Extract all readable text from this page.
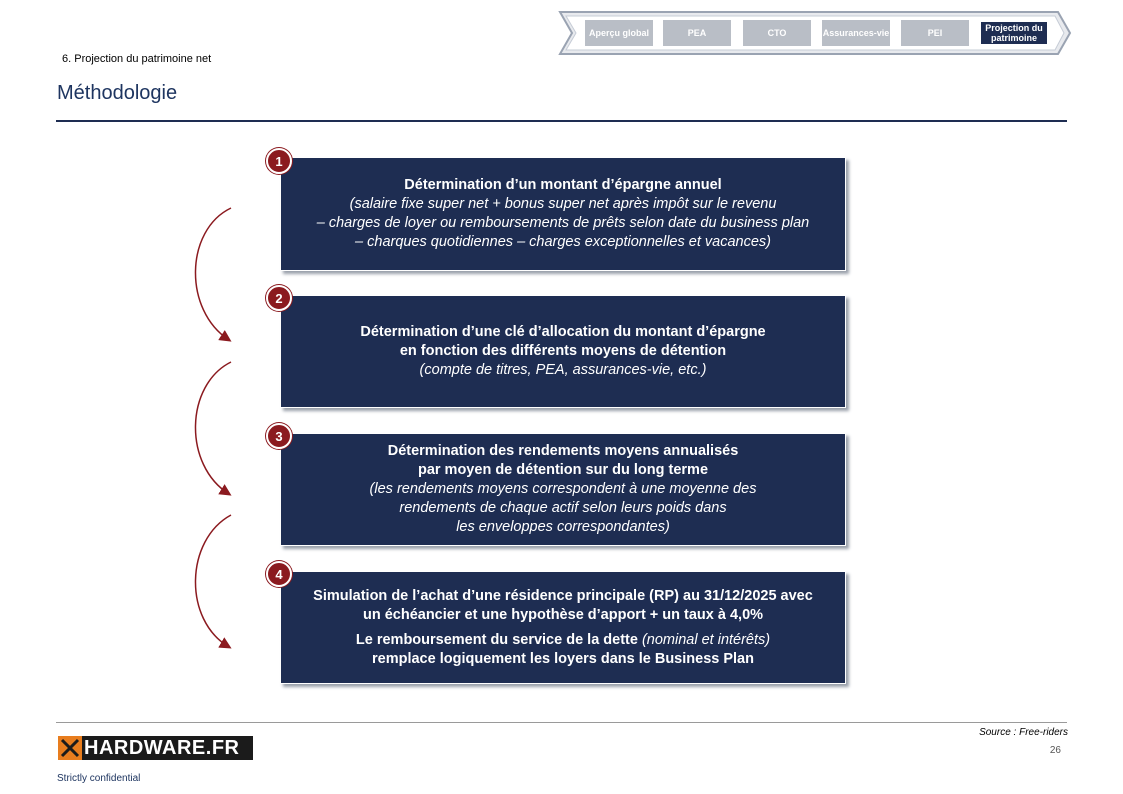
Aperçu global	PEA	CTO	Assurances-vie	PEI	Projection du patrimoine
6. Projection du patrimoine net
Méthodologie
Détermination d’un montant d’épargne annuel
(salaire fixe super net + bonus super net après impôt sur le revenu
– charges de loyer ou remboursements de prêts selon date du business plan
– charques quotidiennes – charges exceptionnelles et vacances)
1
Détermination d’une clé d’allocation du montant d’épargne
en fonction des différents moyens de détention
(compte de titres, PEA, assurances-vie, etc.)
2
Détermination des rendements moyens annualisés
par moyen de détention sur du long terme
(les rendements moyens correspondent à une moyenne des
rendements de chaque actif selon leurs poids dans
les enveloppes correspondantes)
3
Simulation de l’achat d’une résidence principale (RP) au 31/12/2025 avec
un échéancier et une hypothèse d’apport + un taux à 4,0%
Le remboursement du service de la dette (nominal et intérêts)
remplace logiquement les loyers dans le Business Plan
4
HARDWARE.FR
Strictly confidential
Source : Free-riders
26
